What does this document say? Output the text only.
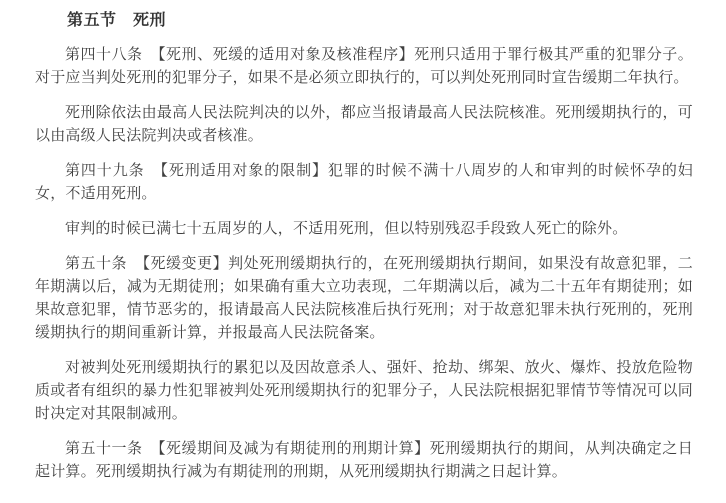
第五节　死刑

第四十八条　【死刑、死缓的适用对象及核准程序】死刑只适用于罪行极其严重的犯罪分子。对于应当判处死刑的犯罪分子，如果不是必须立即执行的，可以判处死刑同时宣告缓期二年执行。

死刑除依法由最高人民法院判决的以外，都应当报请最高人民法院核准。死刑缓期执行的，可以由高级人民法院判决或者核准。

第四十九条　【死刑适用对象的限制】犯罪的时候不满十八周岁的人和审判的时候怀孕的妇女，不适用死刑。

审判的时候已满七十五周岁的人，不适用死刑，但以特别残忍手段致人死亡的除外。

第五十条　【死缓变更】判处死刑缓期执行的，在死刑缓期执行期间，如果没有故意犯罪，二年期满以后，减为无期徒刑；如果确有重大立功表现，二年期满以后，减为二十五年有期徒刑；如果故意犯罪，情节恶劣的，报请最高人民法院核准后执行死刑；对于故意犯罪未执行死刑的，死刑缓期执行的期间重新计算，并报最高人民法院备案。

对被判处死刑缓期执行的累犯以及因故意杀人、强奸、抢劫、绑架、放火、爆炸、投放危险物质或者有组织的暴力性犯罪被判处死刑缓期执行的犯罪分子，人民法院根据犯罪情节等情况可以同时决定对其限制减刑。

第五十一条　【死缓期间及减为有期徒刑的刑期计算】死刑缓期执行的期间，从判决确定之日起计算。死刑缓期执行减为有期徒刑的刑期，从死刑缓期执行期满之日起计算。
